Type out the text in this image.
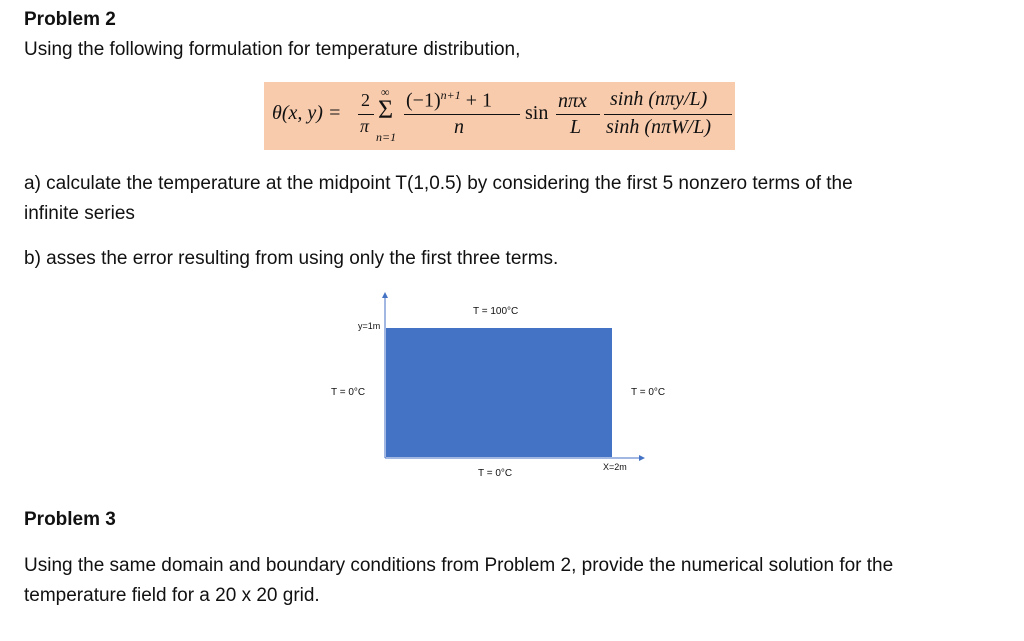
Problem 2
Using the following formulation for temperature distribution,
θ(x, y) =
2
π
∞
Σ
n=1
$(-1)^{n+1} + 1$
n
sin
nπx
L
sinh (nπy/L)
sinh (nπW/L)
a) calculate the temperature at the midpoint T(1,0.5) by considering the first 5 nonzero terms of the
infinite series
b) asses the error resulting from using only the first three terms.
T = 100°C
y=1m
T = 0°C	T = 0°C
X=2m
T = 0°C
Problem 3
Using the same domain and boundary conditions from Problem 2, provide the numerical solution for the
temperature field for a 20 x 20 grid.
